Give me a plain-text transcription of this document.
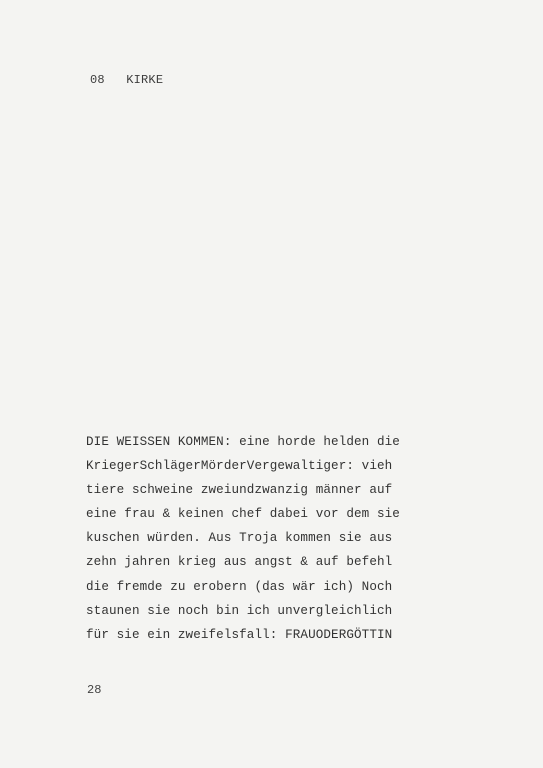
08 KIRKE
DIE WEISSEN KOMMEN: eine horde helden die
KriegerSchlägerMörderVergewaltiger: vieh
tiere schweine zweiundzwanzig männer auf
eine frau & keinen chef dabei vor dem sie
kuschen würden. Aus Troja kommen sie aus
zehn jahren krieg aus angst & auf befehl
die fremde zu erobern (das wär ich) Noch
staunen sie noch bin ich unvergleichlich
für sie ein zweifelsfall: FRAUODERGÖTTIN
28
